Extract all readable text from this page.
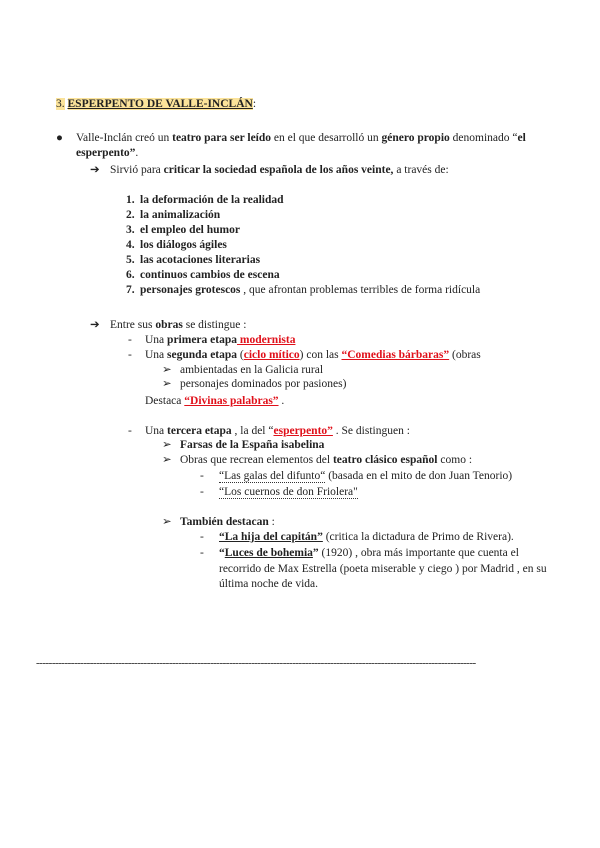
3. ESPERPENTO DE VALLE-INCLÁN:
● Valle-Inclán creó un teatro para ser leído en el que desarrolló un género propio denominado “el
esperpento”.
➔ Sirvió para criticar la sociedad española de los años veinte, a través de:
1. la deformación de la realidad
2. la animalización
3. el empleo del humor
4. los diálogos ágiles
5. las acotaciones literarias
6. continuos cambios de escena
7. personajes grotescos , que afrontan problemas terribles de forma ridícula
➔ Entre sus obras se distingue :
- Una primera etapa modernista
- Una segunda etapa (ciclo mítico) con las “Comedias bárbaras” (obras
➢ ambientadas en la Galicia rural
➢ personajes dominados por pasiones)
Destaca “Divinas palabras” .
- Una tercera etapa , la del “esperpento” . Se distinguen :
➢ Farsas de la España isabelina
➢ Obras que recrean elementos del teatro clásico español como :
- “Las galas del difunto“ (basada en el mito de don Juan Tenorio)
- “Los cuernos de don Friolera"
➢ También destacan :
- “La hija del capitán” (critica la dictadura de Primo de Rivera).
- “Luces de bohemia” (1920) , obra más importante que cuenta el
recorrido de Max Estrella (poeta miserable y ciego ) por Madrid , en su
última noche de vida.
-------------------------------------------------------------------------------------------------------------------------------------------
